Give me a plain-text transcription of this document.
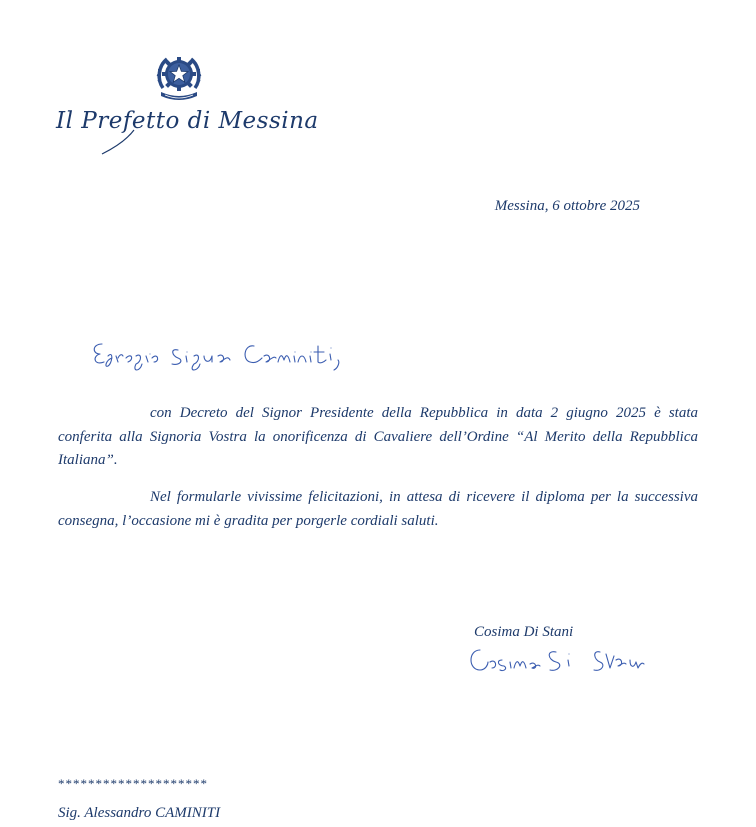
Il Prefetto di Messina
Messina, 6 ottobre 2025

con Decreto del Signor Presidente della Repubblica in data 2 giugno 2025 è stata conferita alla Signoria Vostra la onorificenza di Cavaliere dell’Ordine “Al Merito della Repubblica Italiana”.

Nel formularle vivissime felicitazioni, in attesa di ricevere il diploma per la successiva consegna, l’occasione mi è gradita per porgerle cordiali saluti.

Cosima Di Stani
********************
Sig. Alessandro CAMINITI
